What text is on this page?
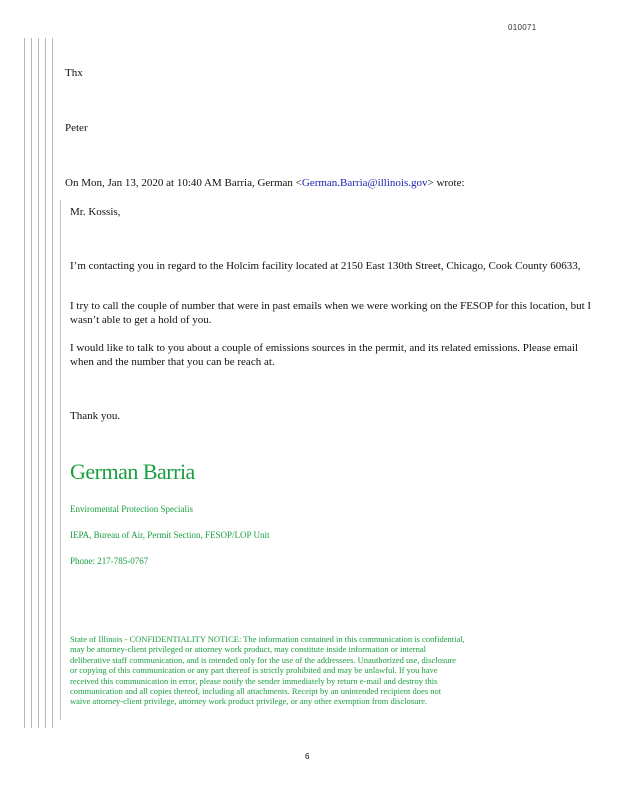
010071
Thx
Peter
On Mon, Jan 13, 2020 at 10:40 AM Barria, German <German.Barria@illinois.gov> wrote:
Mr. Kossis,
I’m contacting you in regard to the Holcim facility located at 2150 East 130th Street, Chicago, Cook County 60633,
I try to call the couple of number that were in past emails when we were working on the FESOP for this location, but I wasn’t able to get a hold of you.
I would like to talk to you about a couple of emissions sources in the permit, and its related emissions. Please email when and the number that you can be reach at.
Thank you.
German Barria
Enviromental Protection Specialis
IEPA, Bureau of Air, Permit Section, FESOP/LOP Unit
Phone: 217-785-0767
State of Illinois - CONFIDENTIALITY NOTICE: The information contained in this communication is confidential,
may be attorney-client privileged or attorney work product, may constitute inside information or internal
deliberative staff communication, and is intended only for the use of the addressees. Unauthorized use, disclosure
or copying of this communication or any part thereof is strictly prohibited and may be unlawful. If you have
received this communication in error, please notify the sender immediately by return e-mail and destroy this
communication and all copies thereof, including all attachments. Receipt by an unintended recipient does not
waive attorney-client privilege, attorney work product privilege, or any other exemption from disclosure.
6
